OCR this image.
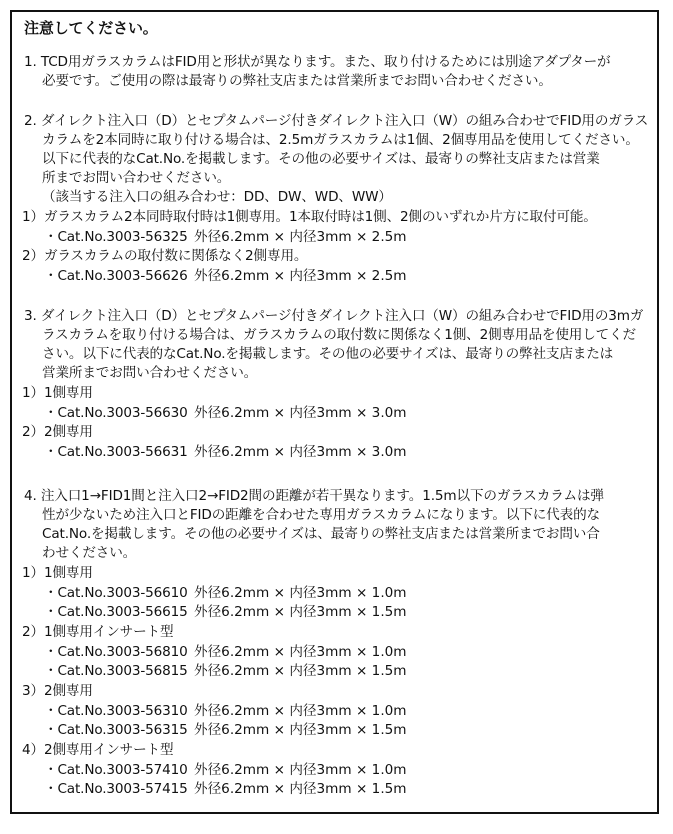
注意してください。
1. TCD用ガラスカラムはFID用と形状が異なります。また、取り付けるためには別途アダプターが
必要です。ご使用の際は最寄りの弊社支店または営業所までお問い合わせください。
2. ダイレクト注入口（D）とセプタムパージ付きダイレクト注入口（W）の組み合わせでFID用のガラス
カラムを2本同時に取り付ける場合は、2.5mガラスカラムは1個、2個専用品を使用してください。
以下に代表的なCat.No.を掲載します。その他の必要サイズは、最寄りの弊社支店または営業
所までお問い合わせください。
（該当する注入口の組み合わせ：DD、DW、WD、WW）
1）ガラスカラム2本同時取付時は1側専用。1本取付時は1側、2側のいずれか片方に取付可能。
・Cat.No.3003-56325 外径6.2mm × 内径3mm × 2.5m
2）ガラスカラムの取付数に関係なく2側専用。
・Cat.No.3003-56626 外径6.2mm × 内径3mm × 2.5m
3. ダイレクト注入口（D）とセプタムパージ付きダイレクト注入口（W）の組み合わせでFID用の3mガ
ラスカラムを取り付ける場合は、ガラスカラムの取付数に関係なく1側、2側専用品を使用してくだ
さい。以下に代表的なCat.No.を掲載します。その他の必要サイズは、最寄りの弊社支店または
営業所までお問い合わせください。
1）1側専用
・Cat.No.3003-56630 外径6.2mm × 内径3mm × 3.0m
2）2側専用
・Cat.No.3003-56631 外径6.2mm × 内径3mm × 3.0m
4. 注入口1→FID1間と注入口2→FID2間の距離が若干異なります。1.5m以下のガラスカラムは弾
性が少ないため注入口とFIDの距離を合わせた専用ガラスカラムになります。以下に代表的な
Cat.No.を掲載します。その他の必要サイズは、最寄りの弊社支店または営業所までお問い合
わせください。
1）1側専用
・Cat.No.3003-56610 外径6.2mm × 内径3mm × 1.0m
・Cat.No.3003-56615 外径6.2mm × 内径3mm × 1.5m
2）1側専用インサート型
・Cat.No.3003-56810 外径6.2mm × 内径3mm × 1.0m
・Cat.No.3003-56815 外径6.2mm × 内径3mm × 1.5m
3）2側専用
・Cat.No.3003-56310 外径6.2mm × 内径3mm × 1.0m
・Cat.No.3003-56315 外径6.2mm × 内径3mm × 1.5m
4）2側専用インサート型
・Cat.No.3003-57410 外径6.2mm × 内径3mm × 1.0m
・Cat.No.3003-57415 外径6.2mm × 内径3mm × 1.5m
